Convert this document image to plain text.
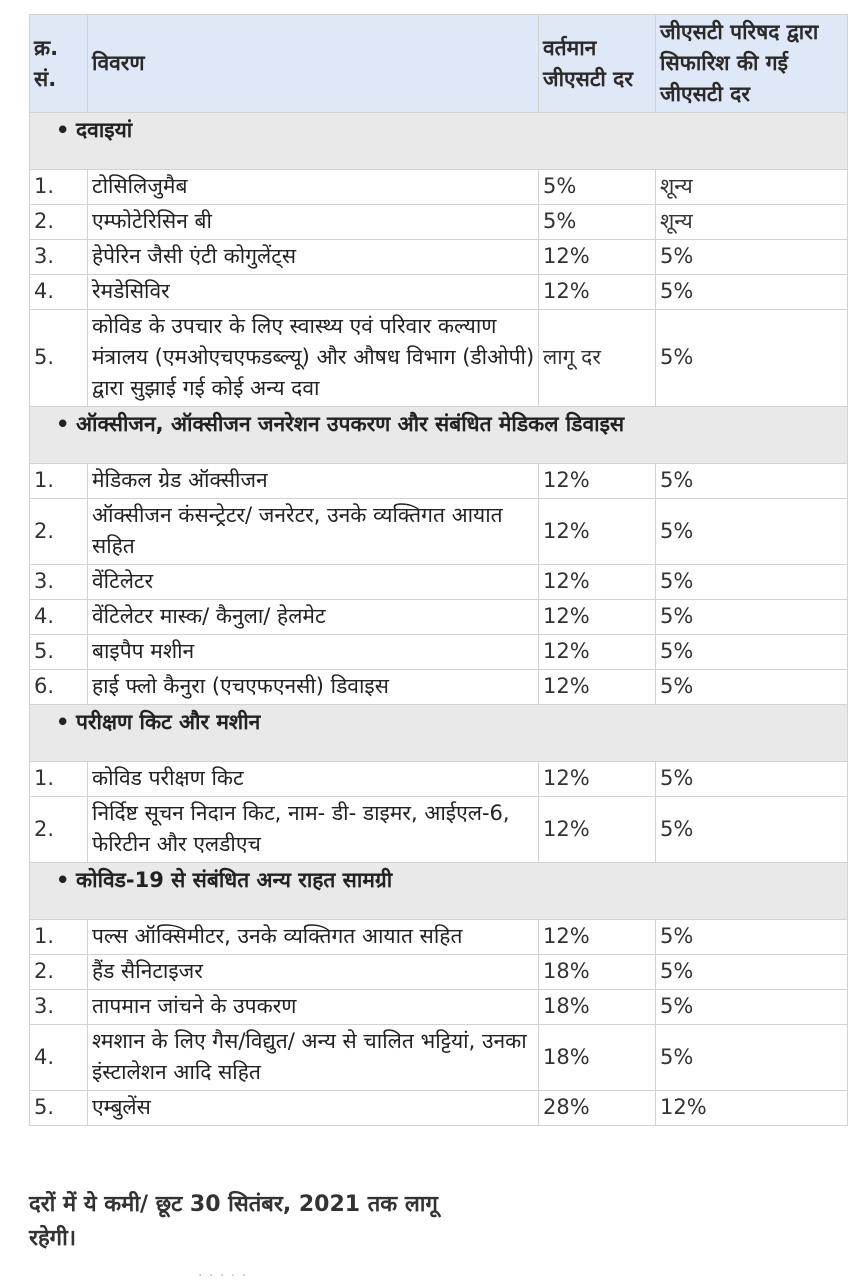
क्र. सं.	विवरण	वर्तमान जीएसटी दर	जीएसटी परिषद द्वारा सिफारिश की गई जीएसटी दर
• दवाइयां			
1.	टोसिलिजुमैब	5%	शून्य
2.	एम्फोटेरिसिन बी	5%	शून्य
3.	हेपेरिन जैसी एंटी कोगुलेंट्स	12%	5%
4.	रेमडेसिविर	12%	5%
5.	कोविड के उपचार के लिए स्वास्थ्य एवं परिवार कल्याण मंत्रालय (एमओएचएफडब्ल्यू) और औषध विभाग (डीओपी) द्वारा सुझाई गई कोई अन्य दवा	लागू दर	5%
• ऑक्सीजन, ऑक्सीजन जनरेशन उपकरण और संबंधित मेडिकल डिवाइस			
1.	मेडिकल ग्रेड ऑक्सीजन	12%	5%
2.	ऑक्सीजन कंसन्ट्रेटर/ जनरेटर, उनके व्यक्तिगत आयात सहित	12%	5%
3.	वेंटिलेटर	12%	5%
4.	वेंटिलेटर मास्क/ कैनुला/ हेलमेट	12%	5%
5.	बाइपैप मशीन	12%	5%
6.	हाई फ्लो कैनुरा (एचएफएनसी) डिवाइस	12%	5%
• परीक्षण किट और मशीन			
1.	कोविड परीक्षण किट	12%	5%
2.	निर्दिष्ट सूचन निदान किट, नाम- डी- डाइमर, आईएल-6, फेरिटीन और एलडीएच	12%	5%
• कोविड-19 से संबंधित अन्य राहत सामग्री			
1.	पल्स ऑक्सिमीटर, उनके व्यक्तिगत आयात सहित	12%	5%
2.	हैंड सैनिटाइजर	18%	5%
3.	तापमान जांचने के उपकरण	18%	5%
4.	श्मशान के लिए गैस/विद्युत/ अन्य से चालित भट्टियां, उनका इंस्टालेशन आदि सहित	18%	5%
5.	एम्बुलेंस	28%	12%
दरों में ये कमी/ छूट 30 सितंबर, 2021 तक लागू रहेगी।
· · · · ·
